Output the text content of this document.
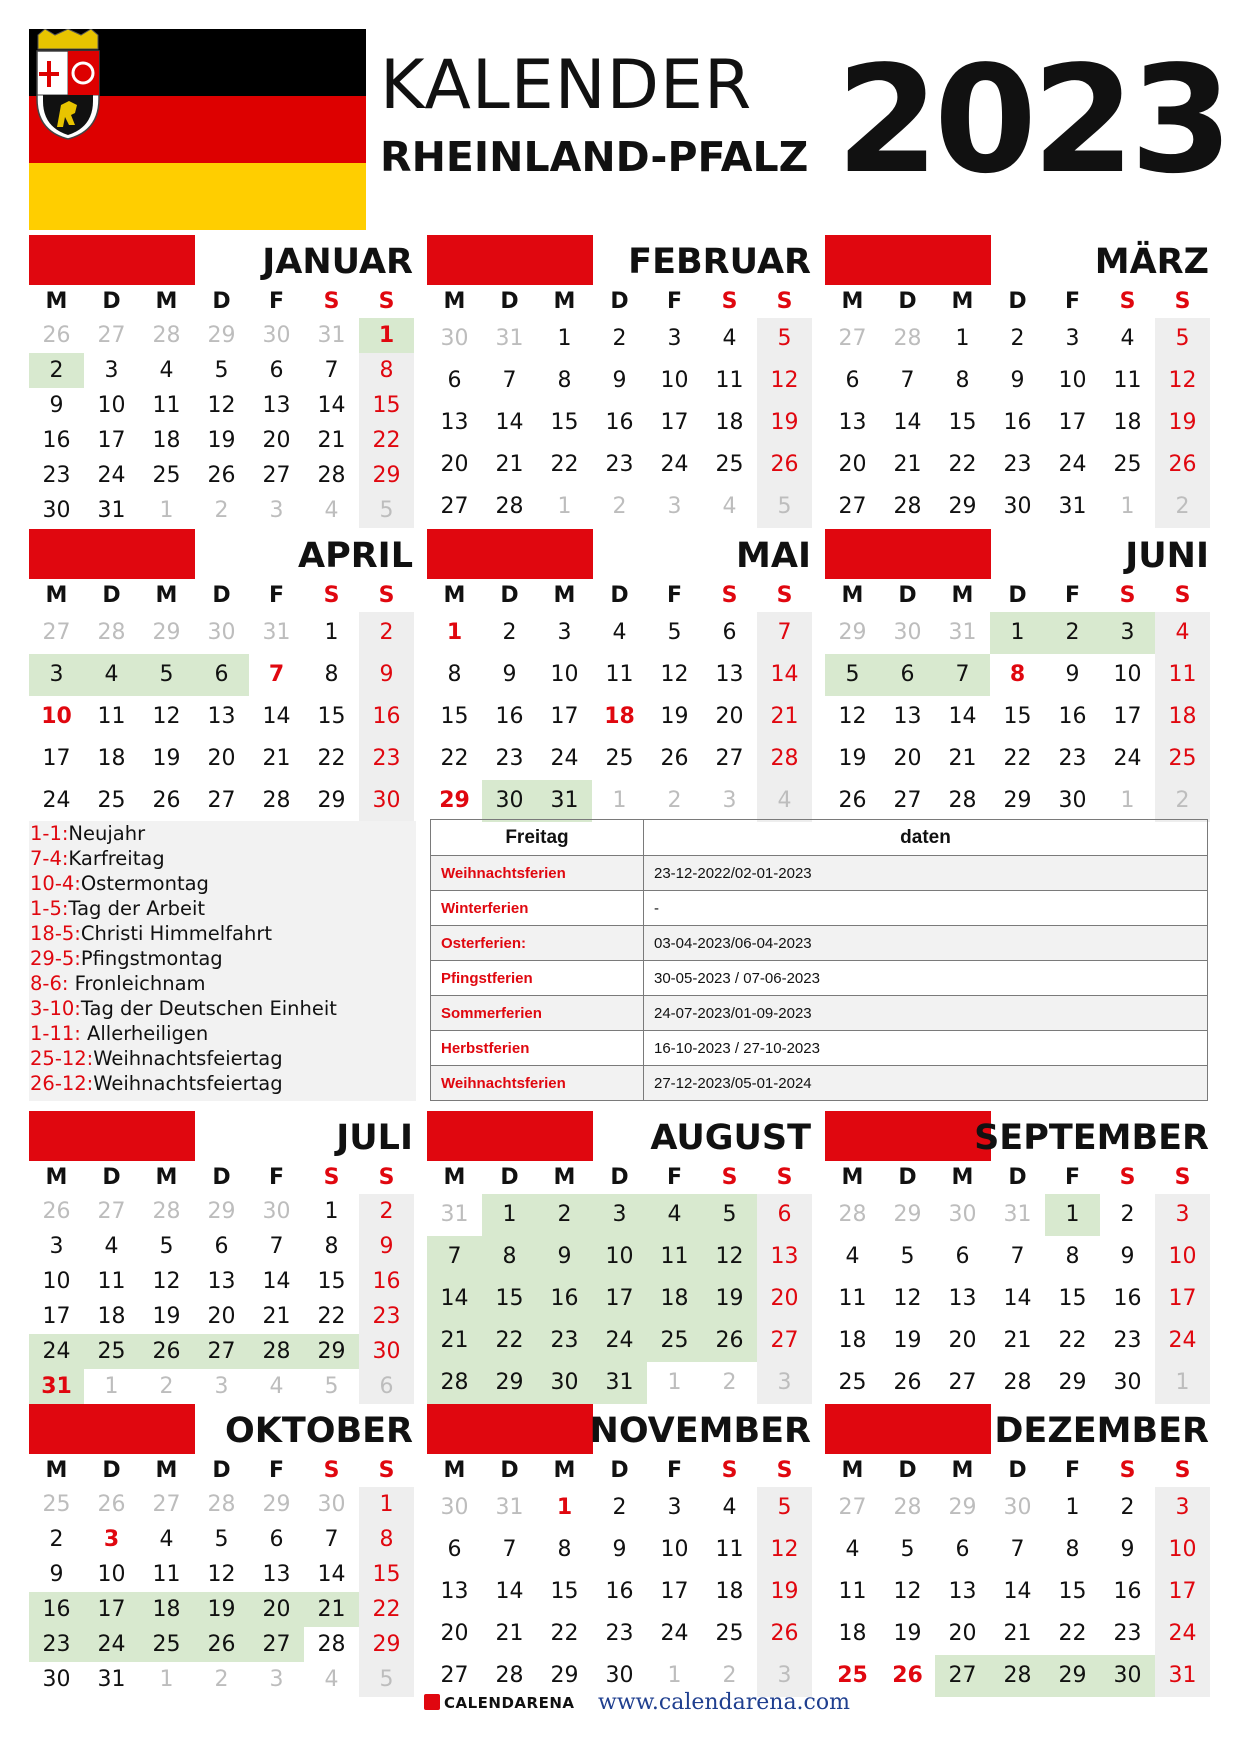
KALENDER
RHEINLAND-PFALZ 2023
JANUAR
M	D	M	D	F	S	S
26	27	28	29	30	31	1
2	3	4	5	6	7	8
9	10	11	12	13	14	15
16	17	18	19	20	21	22
23	24	25	26	27	28	29
30	31	1	2	3	4	5
FEBRUAR
M	D	M	D	F	S	S
30	31	1	2	3	4	5
6	7	8	9	10	11	12
13	14	15	16	17	18	19
20	21	22	23	24	25	26
27	28	1	2	3	4	5
MÄRZ
M	D	M	D	F	S	S
27	28	1	2	3	4	5
6	7	8	9	10	11	12
13	14	15	16	17	18	19
20	21	22	23	24	25	26
27	28	29	30	31	1	2
APRIL
M	D	M	D	F	S	S
27	28	29	30	31	1	2
3	4	5	6	7	8	9
10	11	12	13	14	15	16
17	18	19	20	21	22	23
24	25	26	27	28	29	30
MAI
M	D	M	D	F	S	S
1	2	3	4	5	6	7
8	9	10	11	12	13	14
15	16	17	18	19	20	21
22	23	24	25	26	27	28
29	30	31	1	2	3	4
JUNI
M	D	M	D	F	S	S
29	30	31	1	2	3	4
5	6	7	8	9	10	11
12	13	14	15	16	17	18
19	20	21	22	23	24	25
26	27	28	29	30	1	2
JULI
M	D	M	D	F	S	S
26	27	28	29	30	1	2
3	4	5	6	7	8	9
10	11	12	13	14	15	16
17	18	19	20	21	22	23
24	25	26	27	28	29	30
31	1	2	3	4	5	6
AUGUST
M	D	M	D	F	S	S
31	1	2	3	4	5	6
7	8	9	10	11	12	13
14	15	16	17	18	19	20
21	22	23	24	25	26	27
28	29	30	31	1	2	3
SEPTEMBER
M	D	M	D	F	S	S
28	29	30	31	1	2	3
4	5	6	7	8	9	10
11	12	13	14	15	16	17
18	19	20	21	22	23	24
25	26	27	28	29	30	1
OKTOBER
M	D	M	D	F	S	S
25	26	27	28	29	30	1
2	3	4	5	6	7	8
9	10	11	12	13	14	15
16	17	18	19	20	21	22
23	24	25	26	27	28	29
30	31	1	2	3	4	5
NOVEMBER
M	D	M	D	F	S	S
30	31	1	2	3	4	5
6	7	8	9	10	11	12
13	14	15	16	17	18	19
20	21	22	23	24	25	26
27	28	29	30	1	2	3
DEZEMBER
M	D	M	D	F	S	S
27	28	29	30	1	2	3
4	5	6	7	8	9	10
11	12	13	14	15	16	17
18	19	20	21	22	23	24
25	26	27	28	29	30	31
1-1:Neujahr
7-4:Karfreitag
10-4:Ostermontag
1-5:Tag der Arbeit
18-5:Christi Himmelfahrt
29-5:Pfingstmontag
8-6: Fronleichnam
3-10:Tag der Deutschen Einheit
1-11: Allerheiligen
25-12:Weihnachtsfeiertag
26-12:Weihnachtsfeiertag
Freitag	daten
Weihnachtsferien	23-12-2022/02-01-2023
Winterferien	-
Osterferien:	03-04-2023/06-04-2023
Pfingstferien	30-05-2023 / 07-06-2023
Sommerferien	24-07-2023/01-09-2023
Herbstferien	16-10-2023 / 27-10-2023
Weihnachtsferien	27-12-2023/05-01-2024
CALENDARENA www.calendarena.com
